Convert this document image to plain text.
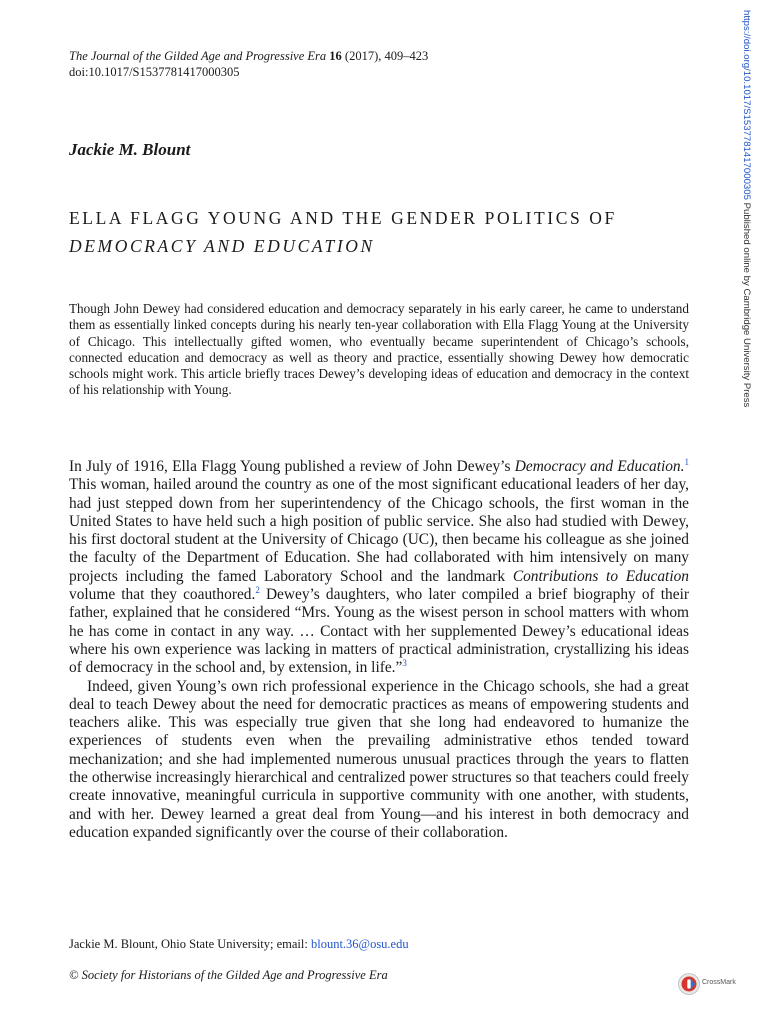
https://doi.org/10.1017/S1537781417000305 Published online by Cambridge University Press
The Journal of the Gilded Age and Progressive Era 16 (2017), 409–423
doi:10.1017/S1537781417000305
Jackie M. Blount
ELLA FLAGG YOUNG AND THE GENDER POLITICS OF
DEMOCRACY AND EDUCATION
Though John Dewey had considered education and democracy separately in his early career, he came to understand them as essentially linked concepts during his nearly ten-year collaboration with Ella Flagg Young at the University of Chicago. This intellectually gifted women, who eventually became superintendent of Chicago’s schools, connected education and democracy as well as theory and practice, essentially showing Dewey how democratic schools might work. This article briefly traces Dewey’s developing ideas of education and democracy in the context of his relationship with Young.

In July of 1916, Ella Flagg Young published a review of John Dewey’s Democracy and Education.$^1$ This woman, hailed around the country as one of the most significant educational leaders of her day, had just stepped down from her superintendency of the Chicago schools, the first woman in the United States to have held such a high position of public service. She also had studied with Dewey, his first doctoral student at the University of Chicago (UC), then became his colleague as she joined the faculty of the Department of Education. She had collaborated with him intensively on many projects including the famed Laboratory School and the landmark Contributions to Education volume that they coauthored.$^2$ Dewey’s daughters, who later compiled a brief biography of their father, explained that he considered “Mrs. Young as the wisest person in school matters with whom he has come in contact in any way. … Contact with her supplemented Dewey’s educational ideas where his own experience was lacking in matters of practical administration, crystallizing his ideas of democracy in the school and, by extension, in life.”$^3$

Indeed, given Young’s own rich professional experience in the Chicago schools, she had a great deal to teach Dewey about the need for democratic practices as means of empowering students and teachers alike. This was especially true given that she long had endeavored to humanize the experiences of students even when the prevailing administrative ethos tended toward mechanization; and she had implemented numerous unusual practices through the years to flatten the otherwise increasingly hierarchical and centralized power structures so that teachers could freely create innovative, meaningful curricula in supportive community with one another, with students, and with her. Dewey learned a great deal from Young—and his interest in both democracy and education expanded significantly over the course of their collaboration.

Jackie M. Blount, Ohio State University; email: blount.36@osu.edu
© Society for Historians of the Gilded Age and Progressive Era
CrossMark
